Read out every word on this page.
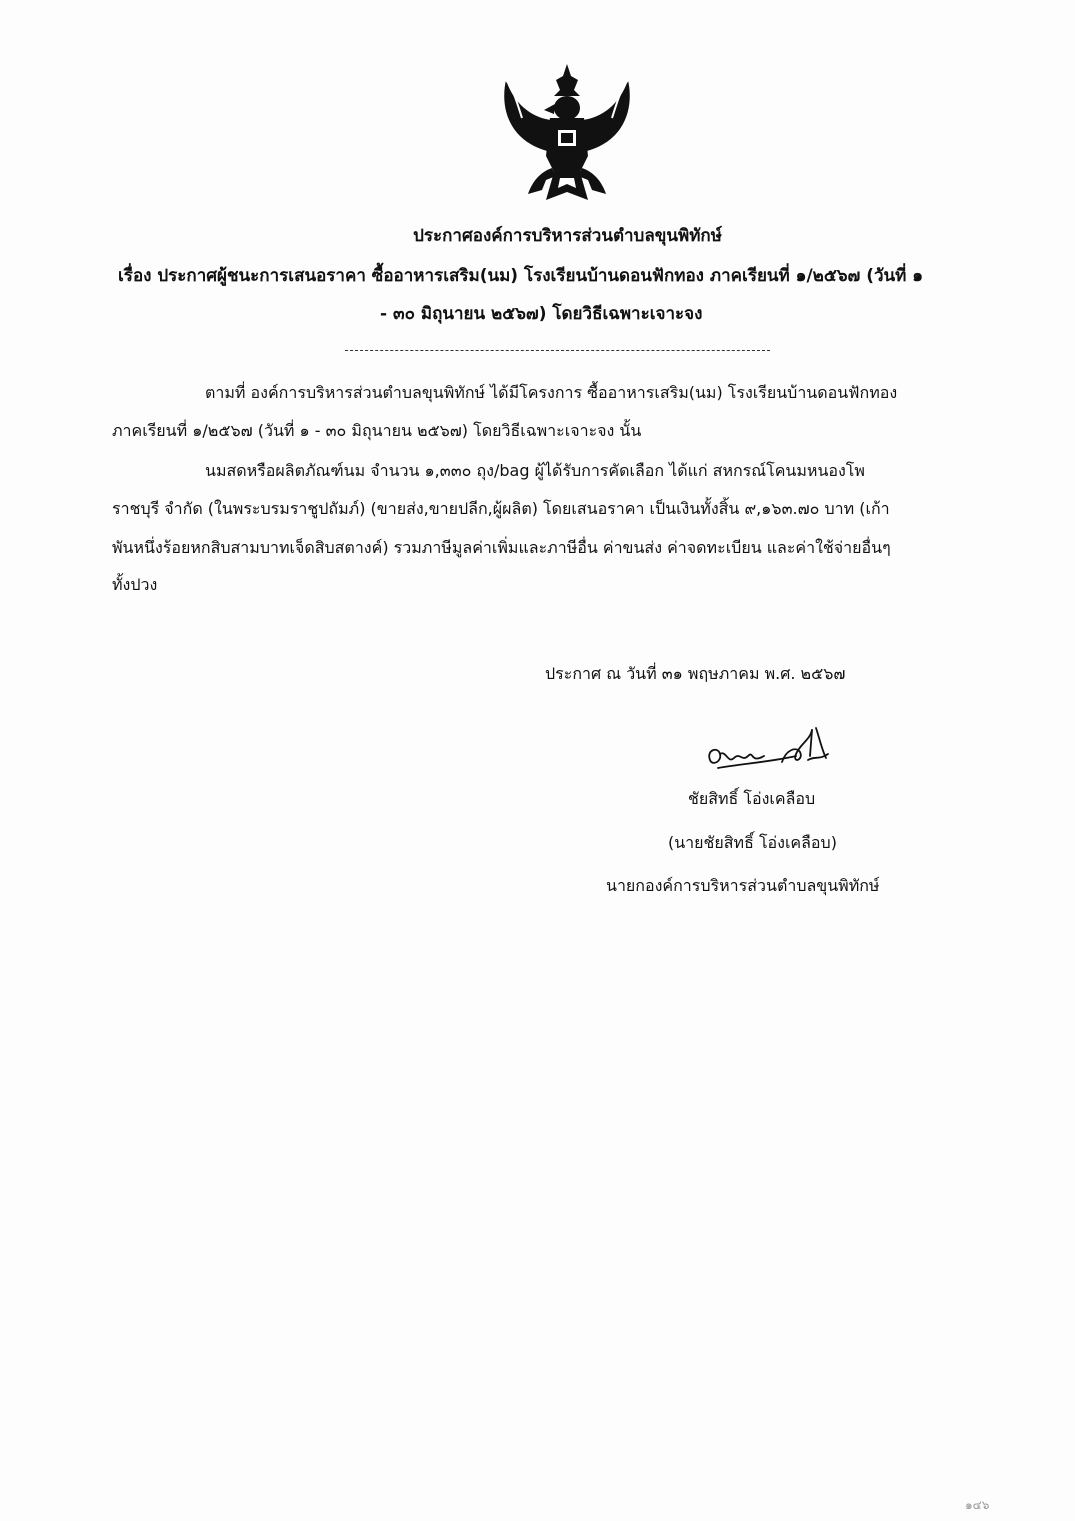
ประกาศองค์การบริหารส่วนตำบลขุนพิทักษ์
เรื่อง ประกาศผู้ชนะการเสนอราคา ซื้ออาหารเสริม(นม) โรงเรียนบ้านดอนฟักทอง ภาคเรียนที่ ๑/๒๕๖๗ (วันที่ ๑
- ๓๐ มิถุนายน ๒๕๖๗) โดยวิธีเฉพาะเจาะจง
ตามที่ องค์การบริหารส่วนตำบลขุนพิทักษ์ ได้มีโครงการ ซื้ออาหารเสริม(นม) โรงเรียนบ้านดอนฟักทอง
ภาคเรียนที่ ๑/๒๕๖๗ (วันที่ ๑ - ๓๐ มิถุนายน ๒๕๖๗) โดยวิธีเฉพาะเจาะจง นั้น
นมสดหรือผลิตภัณฑ์นม จำนวน ๑,๓๓๐ ถุง/bag ผู้ได้รับการคัดเลือก ได้แก่ สหกรณ์โคนมหนองโพ
ราชบุรี จำกัด (ในพระบรมราชูปถัมภ์) (ขายส่ง,ขายปลีก,ผู้ผลิต) โดยเสนอราคา เป็นเงินทั้งสิ้น ๙,๑๖๓.๗๐ บาท (เก้า
พันหนึ่งร้อยหกสิบสามบาทเจ็ดสิบสตางค์) รวมภาษีมูลค่าเพิ่มและภาษีอื่น ค่าขนส่ง ค่าจดทะเบียน และค่าใช้จ่ายอื่นๆ
ทั้งปวง
ประกาศ ณ วันที่ ๓๑ พฤษภาคม พ.ศ. ๒๕๖๗
ชัยสิทธิ์ โอ่งเคลือบ
(นายชัยสิทธิ์ โอ่งเคลือบ)
นายกองค์การบริหารส่วนตำบลขุนพิทักษ์
๑๔๖
